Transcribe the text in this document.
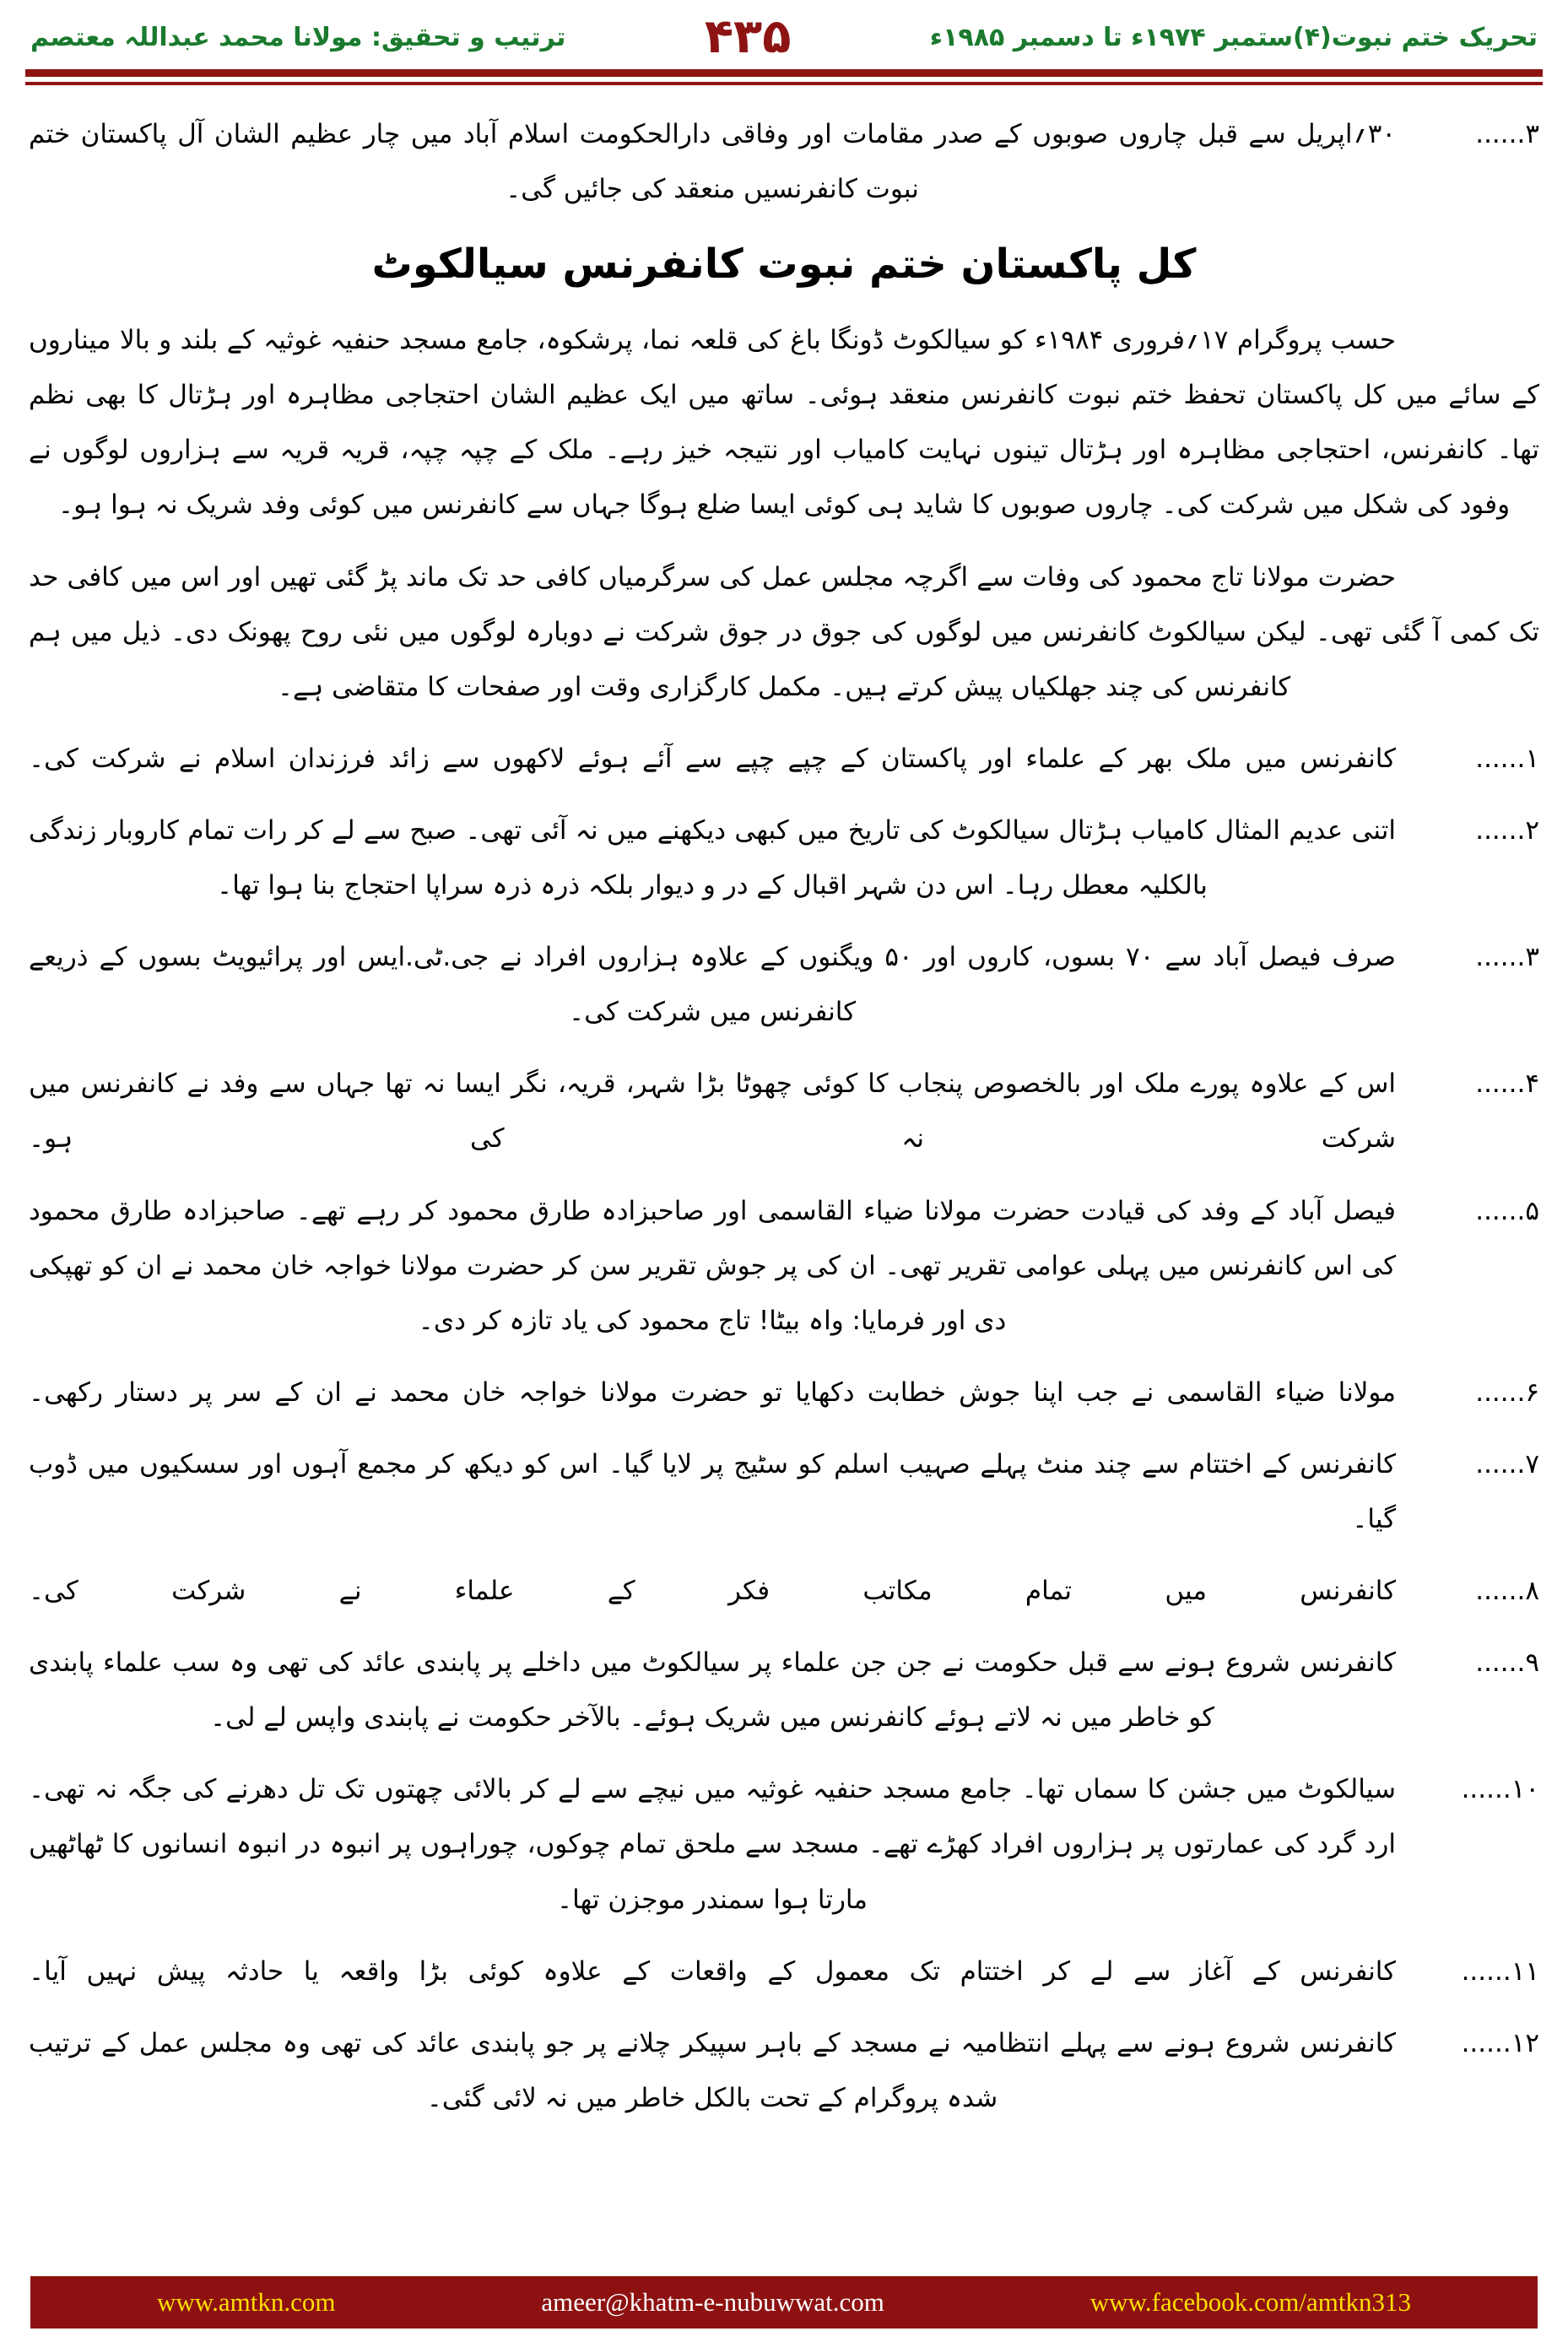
ترتیب و تحقیق: مولانا محمد عبداللہ معتصم	۴۳۵	تحریک ختم نبوت(۴)ستمبر ۱۹۷۴ء تا دسمبر ۱۹۸۵ء
۳......
۳۰؍اپریل سے قبل چاروں صوبوں کے صدر مقامات اور وفاقی دارالحکومت اسلام آباد میں چار عظیم الشان آل پاکستان ختم نبوت کانفرنسیں منعقد کی جائیں گی۔
کل پاکستان ختم نبوت کانفرنس سیالکوٹ

حسب پروگرام ۱۷؍فروری ۱۹۸۴ء کو سیالکوٹ ڈونگا باغ کی قلعہ نما، پرشکوہ، جامع مسجد حنفیہ غوثیہ کے بلند و بالا میناروں کے سائے میں کل پاکستان تحفظ ختم نبوت کانفرنس منعقد ہوئی۔ ساتھ میں ایک عظیم الشان احتجاجی مظاہرہ اور ہڑتال کا بھی نظم تھا۔ کانفرنس، احتجاجی مظاہرہ اور ہڑتال تینوں نہایت کامیاب اور نتیجہ خیز رہے۔ ملک کے چپہ چپہ، قریہ قریہ سے ہزاروں لوگوں نے وفود کی شکل میں شرکت کی۔ چاروں صوبوں کا شاید ہی کوئی ایسا ضلع ہوگا جہاں سے کانفرنس میں کوئی وفد شریک نہ ہوا ہو۔

حضرت مولانا تاج محمود کی وفات سے اگرچہ مجلس عمل کی سرگرمیاں کافی حد تک ماند پڑ گئی تھیں اور اس میں کافی حد تک کمی آ گئی تھی۔ لیکن سیالکوٹ کانفرنس میں لوگوں کی جوق در جوق شرکت نے دوبارہ لوگوں میں نئی روح پھونک دی۔ ذیل میں ہم کانفرنس کی چند جھلکیاں پیش کرتے ہیں۔ مکمل کارگزاری وقت اور صفحات کا متقاضی ہے۔

۱......
کانفرنس میں ملک بھر کے علماء اور پاکستان کے چپے چپے سے آئے ہوئے لاکھوں سے زائد فرزندان اسلام نے شرکت کی۔
۲......
اتنی عدیم المثال کامیاب ہڑتال سیالکوٹ کی تاریخ میں کبھی دیکھنے میں نہ آئی تھی۔ صبح سے لے کر رات تمام کاروبار زندگی بالکلیہ معطل رہا۔ اس دن شہر اقبال کے در و دیوار بلکہ ذرہ ذرہ سراپا احتجاج بنا ہوا تھا۔
۳......
صرف فیصل آباد سے ۷۰ بسوں، کاروں اور ۵۰ ویگنوں کے علاوہ ہزاروں افراد نے جی.ٹی.ایس اور پرائیویٹ بسوں کے ذریعے کانفرنس میں شرکت کی۔
۴......
اس کے علاوہ پورے ملک اور بالخصوص پنجاب کا کوئی چھوٹا بڑا شہر، قریہ، نگر ایسا نہ تھا جہاں سے وفد نے کانفرنس میں شرکت نہ کی ہو۔
۵......
فیصل آباد کے وفد کی قیادت حضرت مولانا ضیاء القاسمی اور صاحبزادہ طارق محمود کر رہے تھے۔ صاحبزادہ طارق محمود کی اس کانفرنس میں پہلی عوامی تقریر تھی۔ ان کی پر جوش تقریر سن کر حضرت مولانا خواجہ خان محمد نے ان کو تھپکی دی اور فرمایا: واہ بیٹا! تاج محمود کی یاد تازہ کر دی۔
۶......
مولانا ضیاء القاسمی نے جب اپنا جوش خطابت دکھایا تو حضرت مولانا خواجہ خان محمد نے ان کے سر پر دستار رکھی۔
۷......
کانفرنس کے اختتام سے چند منٹ پہلے صہیب اسلم کو سٹیج پر لایا گیا۔ اس کو دیکھ کر مجمع آہوں اور سسکیوں میں ڈوب گیا۔
۸......
کانفرنس میں تمام مکاتب فکر کے علماء نے شرکت کی۔
۹......
کانفرنس شروع ہونے سے قبل حکومت نے جن جن علماء پر سیالکوٹ میں داخلے پر پابندی عائد کی تھی وہ سب علماء پابندی کو خاطر میں نہ لاتے ہوئے کانفرنس میں شریک ہوئے۔ بالآخر حکومت نے پابندی واپس لے لی۔
۱۰......
سیالکوٹ میں جشن کا سماں تھا۔ جامع مسجد حنفیہ غوثیہ میں نیچے سے لے کر بالائی چھتوں تک تل دھرنے کی جگہ نہ تھی۔ ارد گرد کی عمارتوں پر ہزاروں افراد کھڑے تھے۔ مسجد سے ملحق تمام چوکوں، چوراہوں پر انبوہ در انبوہ انسانوں کا ٹھاٹھیں مارتا ہوا سمندر موجزن تھا۔
۱۱......
کانفرنس کے آغاز سے لے کر اختتام تک معمول کے واقعات کے علاوہ کوئی بڑا واقعہ یا حادثہ پیش نہیں آیا۔
۱۲......
کانفرنس شروع ہونے سے پہلے انتظامیہ نے مسجد کے باہر سپیکر چلانے پر جو پابندی عائد کی تھی وہ مجلس عمل کے ترتیب شدہ پروگرام کے تحت بالکل خاطر میں نہ لائی گئی۔
www.amtkn.com	ameer@khatm-e-nubuwwat.com	www.facebook.com/amtkn313
